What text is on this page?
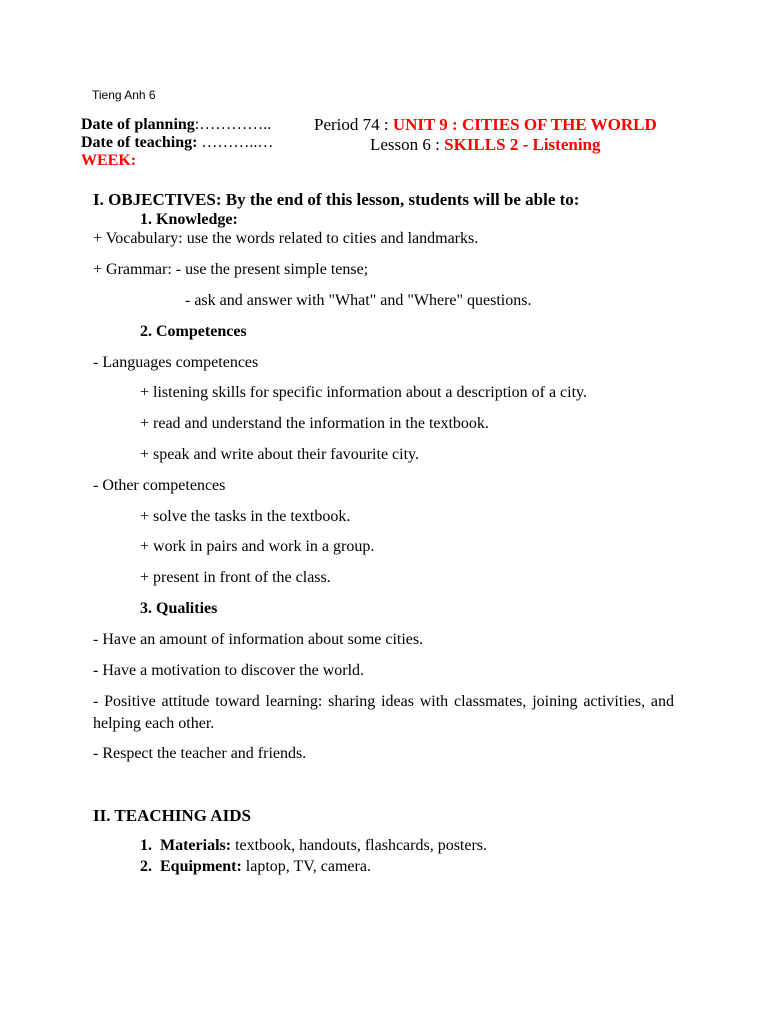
Tieng Anh 6
Date of planning:…………..
Date of teaching: ………..…
WEEK:
Period 74 : UNIT 9 : CITIES OF THE WORLD
Lesson 6 : SKILLS 2 - Listening
I. OBJECTIVES: By the end of this lesson, students will be able to:
1. Knowledge:
+ Vocabulary: use the words related to cities and landmarks.
+ Grammar: - use the present simple tense;
- ask and answer with "What" and "Where" questions.
2. Competences
- Languages competences
+ listening skills for specific information about a description of a city.
+ read and understand the information in the textbook.
+ speak and write about their favourite city.
- Other competences
+ solve the tasks in the textbook.
+ work in pairs and work in a group.
+ present in front of the class.
3. Qualities
- Have an amount of information about some cities.
- Have a motivation to discover the world.
- Positive attitude toward learning: sharing ideas with classmates, joining activities, and helping each other.
- Respect the teacher and friends.
II. TEACHING AIDS
1. Materials: textbook, handouts, flashcards, posters.
2. Equipment: laptop, TV, camera.
